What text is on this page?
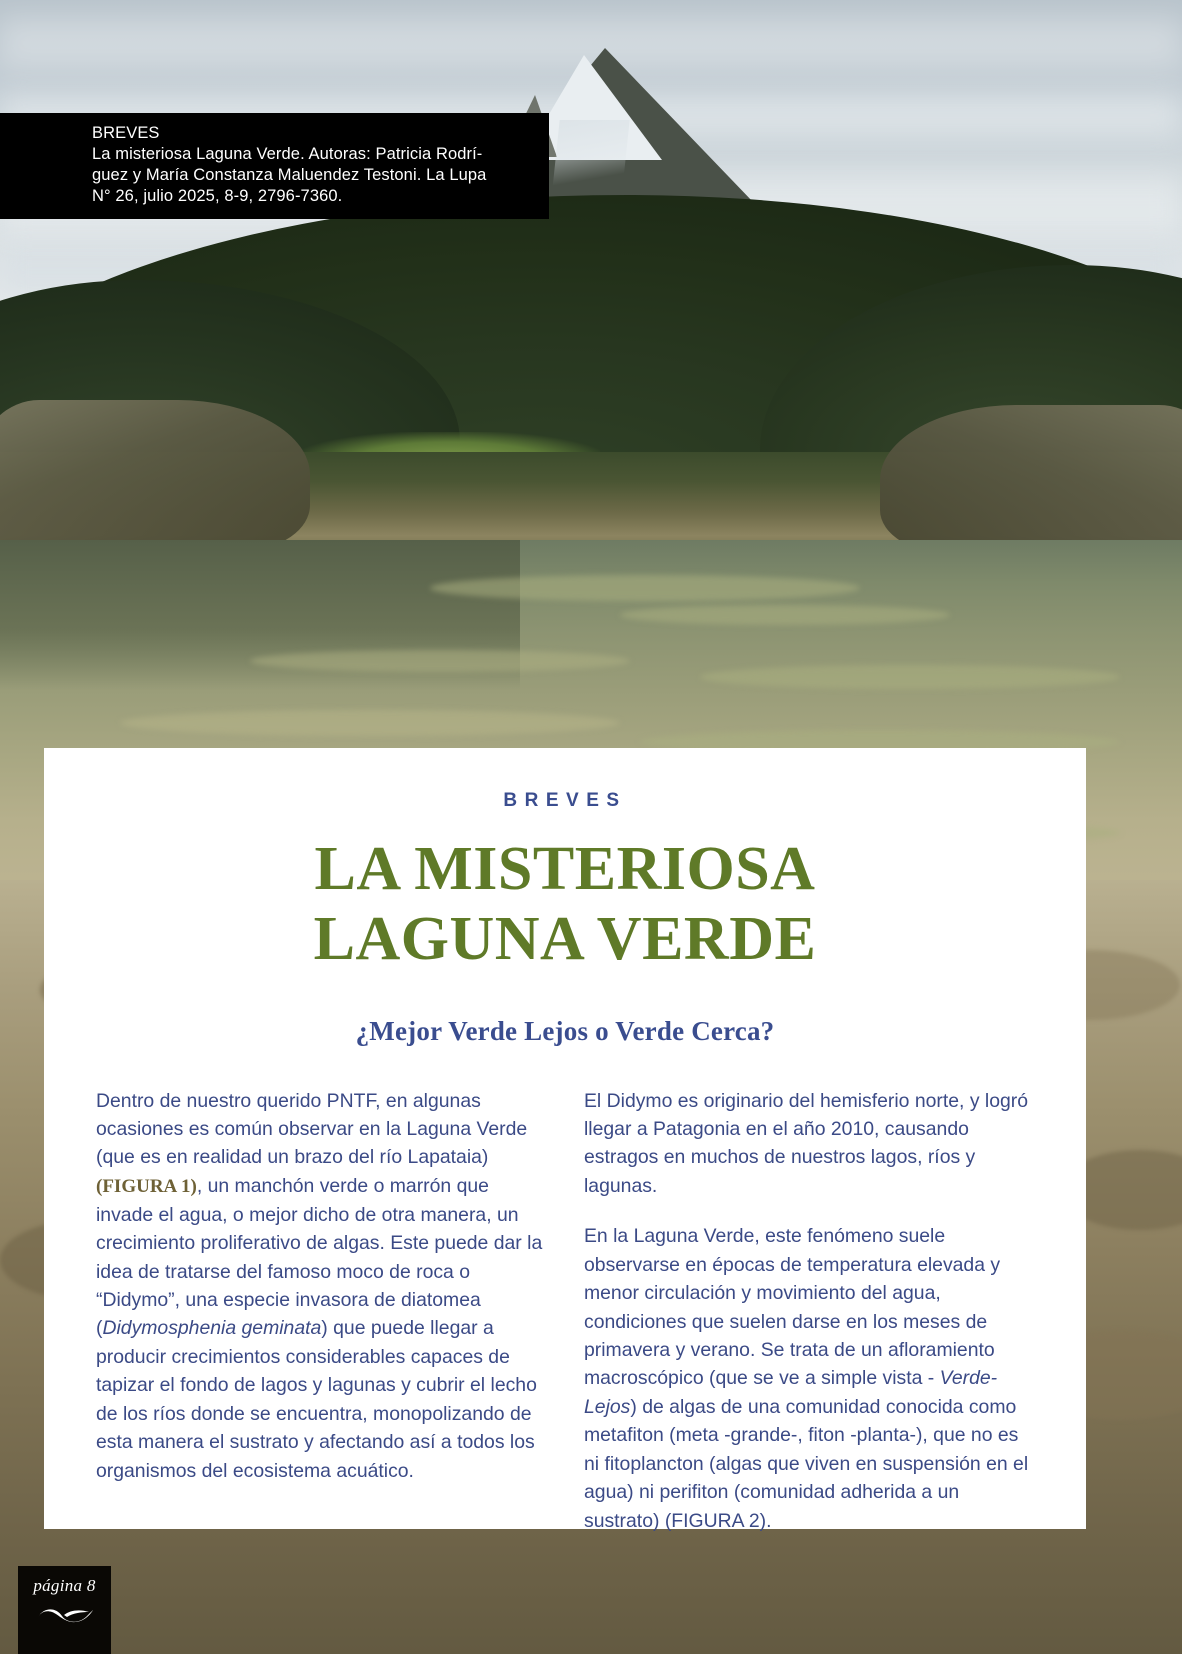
BREVES
La misteriosa Laguna Verde. Autoras: Patricia Rodrí-
guez y María Constanza Maluendez Testoni. La Lupa
N° 26, julio 2025, 8-9, 2796-7360.
BREVES
LA MISTERIOSA
LAGUNA VERDE
¿Mejor Verde Lejos o Verde Cerca?

Dentro de nuestro querido PNTF, en algunas ocasiones es común observar en la Laguna Verde (que es en realidad un brazo del río Lapataia) (FIGURA 1), un manchón verde o marrón que invade el agua, o mejor dicho de otra manera, un crecimiento proliferativo de algas. Este puede dar la idea de tratarse del famoso moco de roca o “Didymo”, una especie invasora de diatomea (Didymosphenia geminata) que puede llegar a producir crecimientos considerables capaces de tapizar el fondo de lagos y lagunas y cubrir el lecho de los ríos donde se encuentra, monopolizando de esta manera el sustrato y afectando así a todos los organismos del ecosistema acuático.

El Didymo es originario del hemisferio norte, y logró llegar a Patagonia en el año 2010, causando estragos en muchos de nuestros lagos, ríos y lagunas.

En la Laguna Verde, este fenómeno suele observarse en épocas de temperatura elevada y menor circulación y movimiento del agua, condiciones que suelen darse en los meses de primavera y verano. Se trata de un afloramiento macroscópico (que se ve a simple vista - Verde-Lejos) de algas de una comunidad conocida como metafiton (meta -grande-, fiton -planta-), que no es ni fitoplancton (algas que viven en suspensión en el agua) ni perifiton (comunidad adherida a un sustrato) (FIGURA 2).

página 8
